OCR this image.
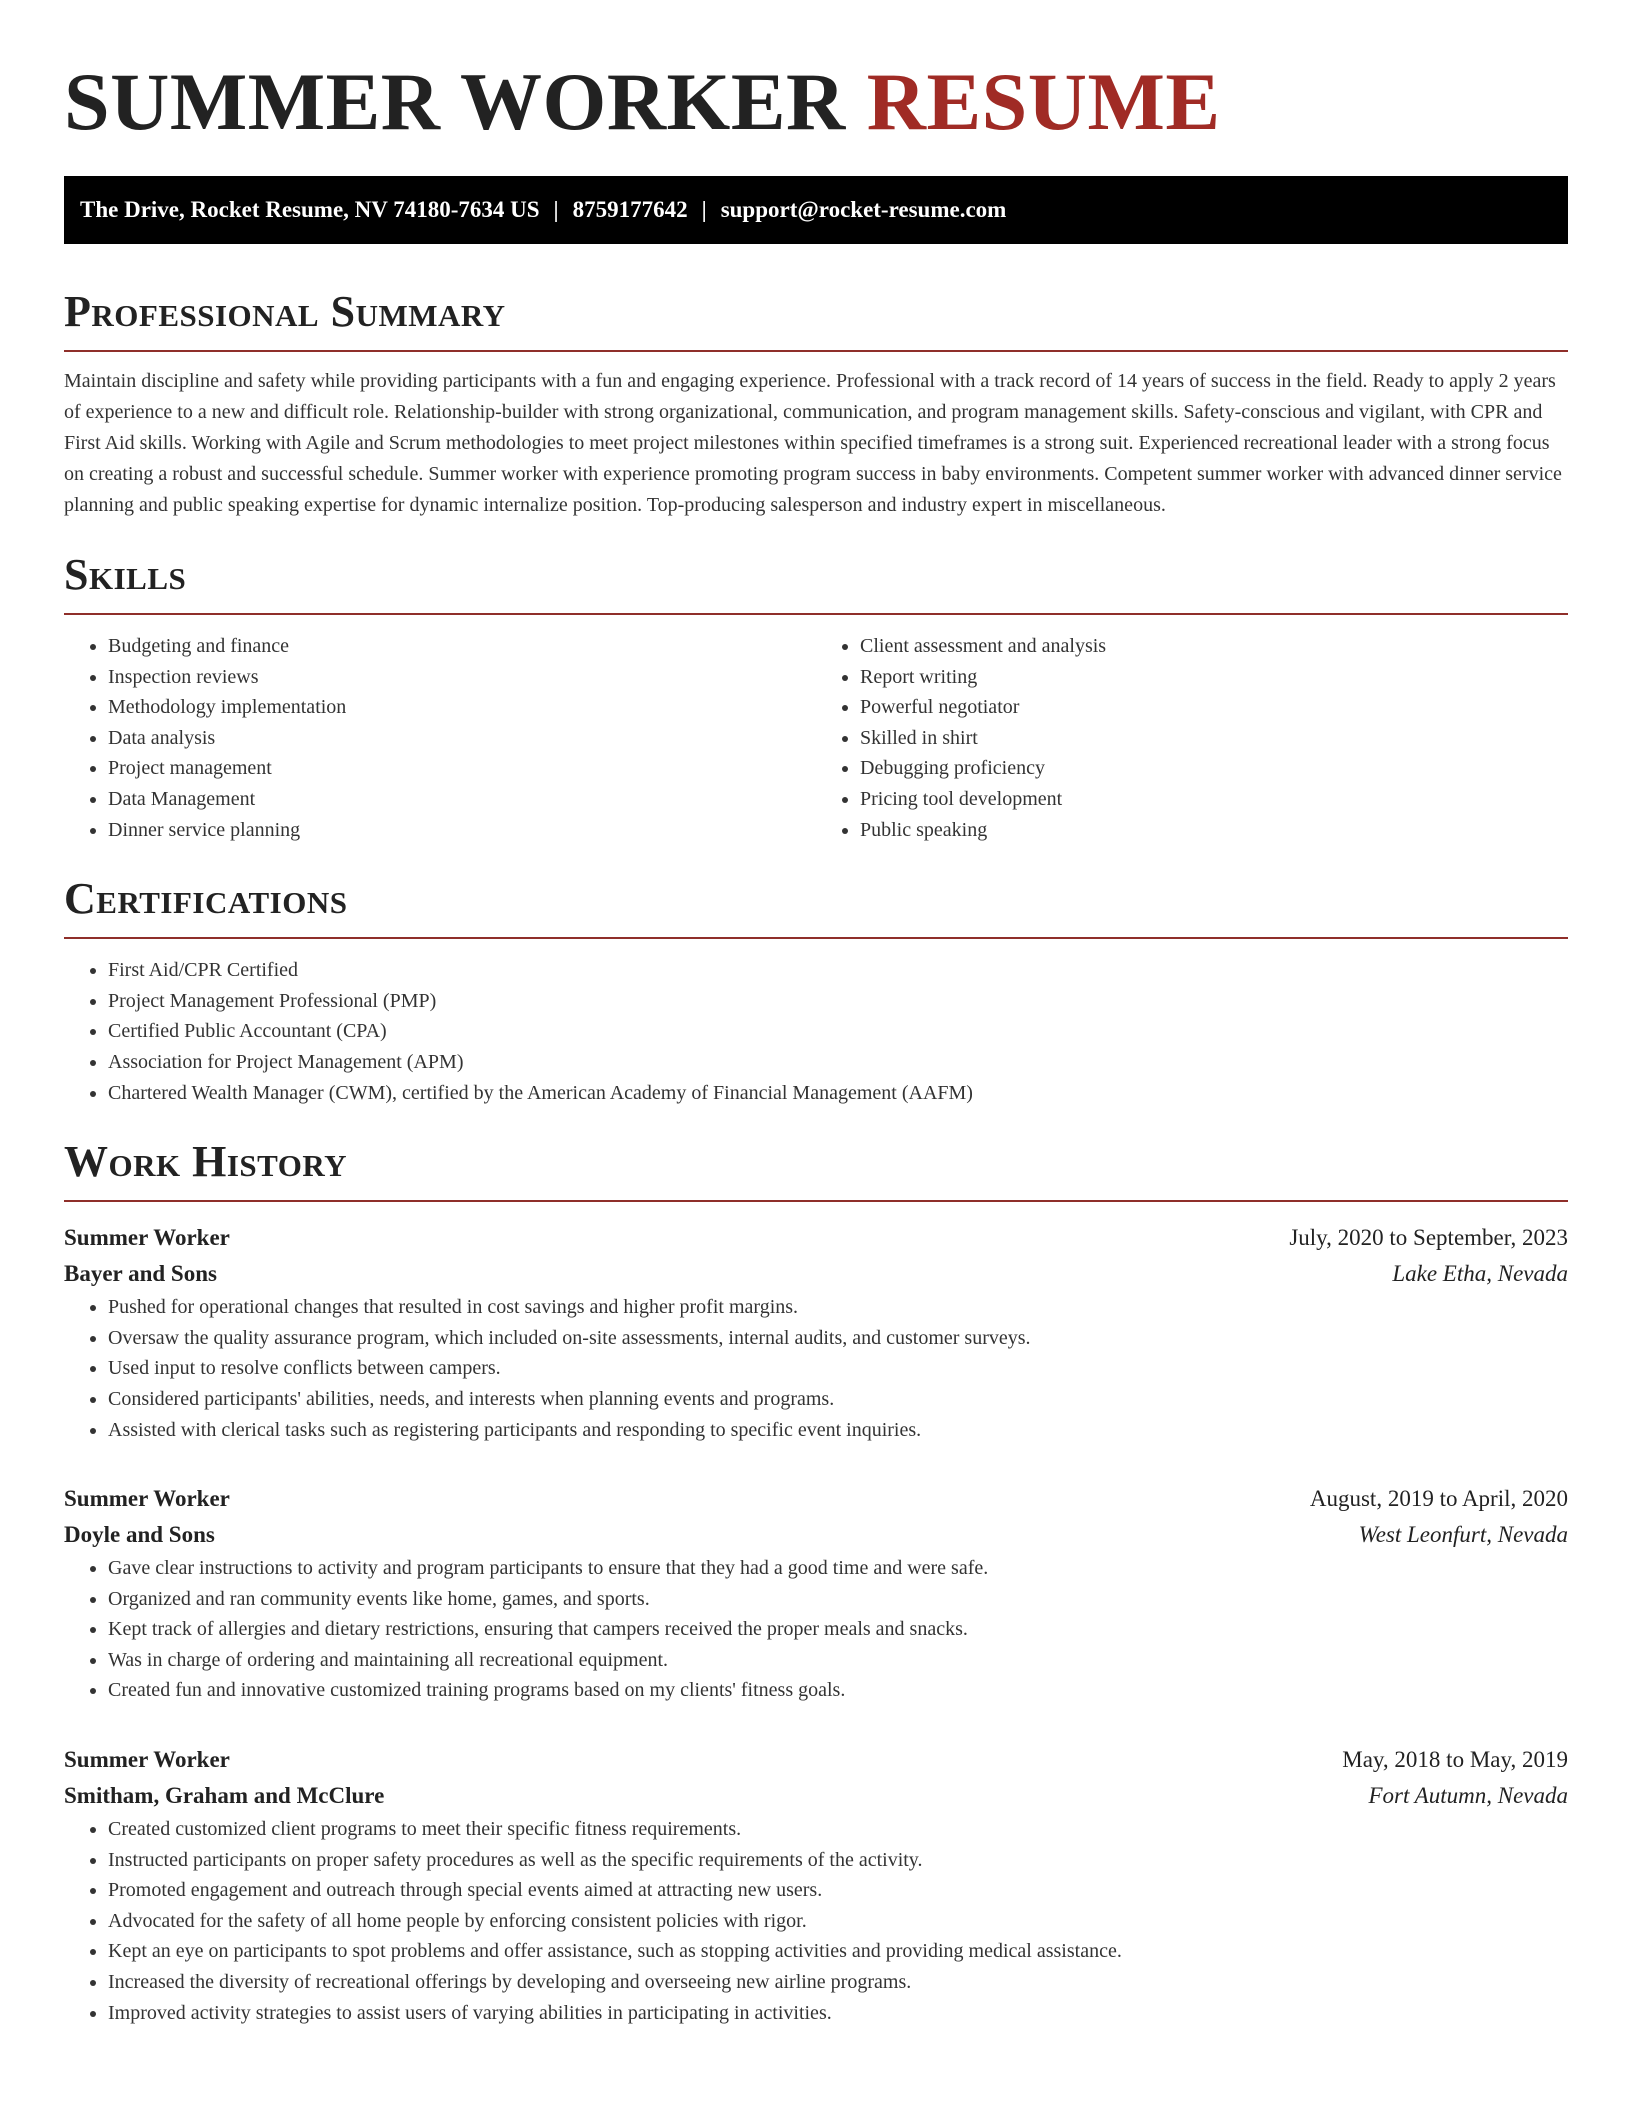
SUMMER WORKER RESUME
The Drive, Rocket Resume, NV 74180-7634 US | 8759177642 | support@rocket-resume.com
Professional Summary

Maintain discipline and safety while providing participants with a fun and engaging experience. Professional with a track record of 14 years of success in the field. Ready to apply 2 years of experience to a new and difficult role. Relationship-builder with strong organizational, communication, and program management skills. Safety-conscious and vigilant, with CPR and First Aid skills. Working with Agile and Scrum methodologies to meet project milestones within specified timeframes is a strong suit. Experienced recreational leader with a strong focus on creating a robust and successful schedule. Summer worker with experience promoting program success in baby environments. Competent summer worker with advanced dinner service planning and public speaking expertise for dynamic internalize position. Top-producing salesperson and industry expert in miscellaneous.

Skills
• Budgeting and finance
• Inspection reviews
• Methodology implementation
• Data analysis
• Project management
• Data Management
• Dinner service planning
• Client assessment and analysis
• Report writing
• Powerful negotiator
• Skilled in shirt
• Debugging proficiency
• Pricing tool development
• Public speaking
Certifications
• First Aid/CPR Certified
• Project Management Professional (PMP)
• Certified Public Accountant (CPA)
• Association for Project Management (APM)
• Chartered Wealth Manager (CWM), certified by the American Academy of Financial Management (AAFM)
Work History
Summer Worker	July, 2020 to September, 2023
Bayer and Sons	Lake Etha, Nevada
• Pushed for operational changes that resulted in cost savings and higher profit margins.
• Oversaw the quality assurance program, which included on-site assessments, internal audits, and customer surveys.
• Used input to resolve conflicts between campers.
• Considered participants' abilities, needs, and interests when planning events and programs.
• Assisted with clerical tasks such as registering participants and responding to specific event inquiries.
Summer Worker	August, 2019 to April, 2020
Doyle and Sons	West Leonfurt, Nevada
• Gave clear instructions to activity and program participants to ensure that they had a good time and were safe.
• Organized and ran community events like home, games, and sports.
• Kept track of allergies and dietary restrictions, ensuring that campers received the proper meals and snacks.
• Was in charge of ordering and maintaining all recreational equipment.
• Created fun and innovative customized training programs based on my clients' fitness goals.
Summer Worker	May, 2018 to May, 2019
Smitham, Graham and McClure	Fort Autumn, Nevada
• Created customized client programs to meet their specific fitness requirements.
• Instructed participants on proper safety procedures as well as the specific requirements of the activity.
• Promoted engagement and outreach through special events aimed at attracting new users.
• Advocated for the safety of all home people by enforcing consistent policies with rigor.
• Kept an eye on participants to spot problems and offer assistance, such as stopping activities and providing medical assistance.
• Increased the diversity of recreational offerings by developing and overseeing new airline programs.
• Improved activity strategies to assist users of varying abilities in participating in activities.
